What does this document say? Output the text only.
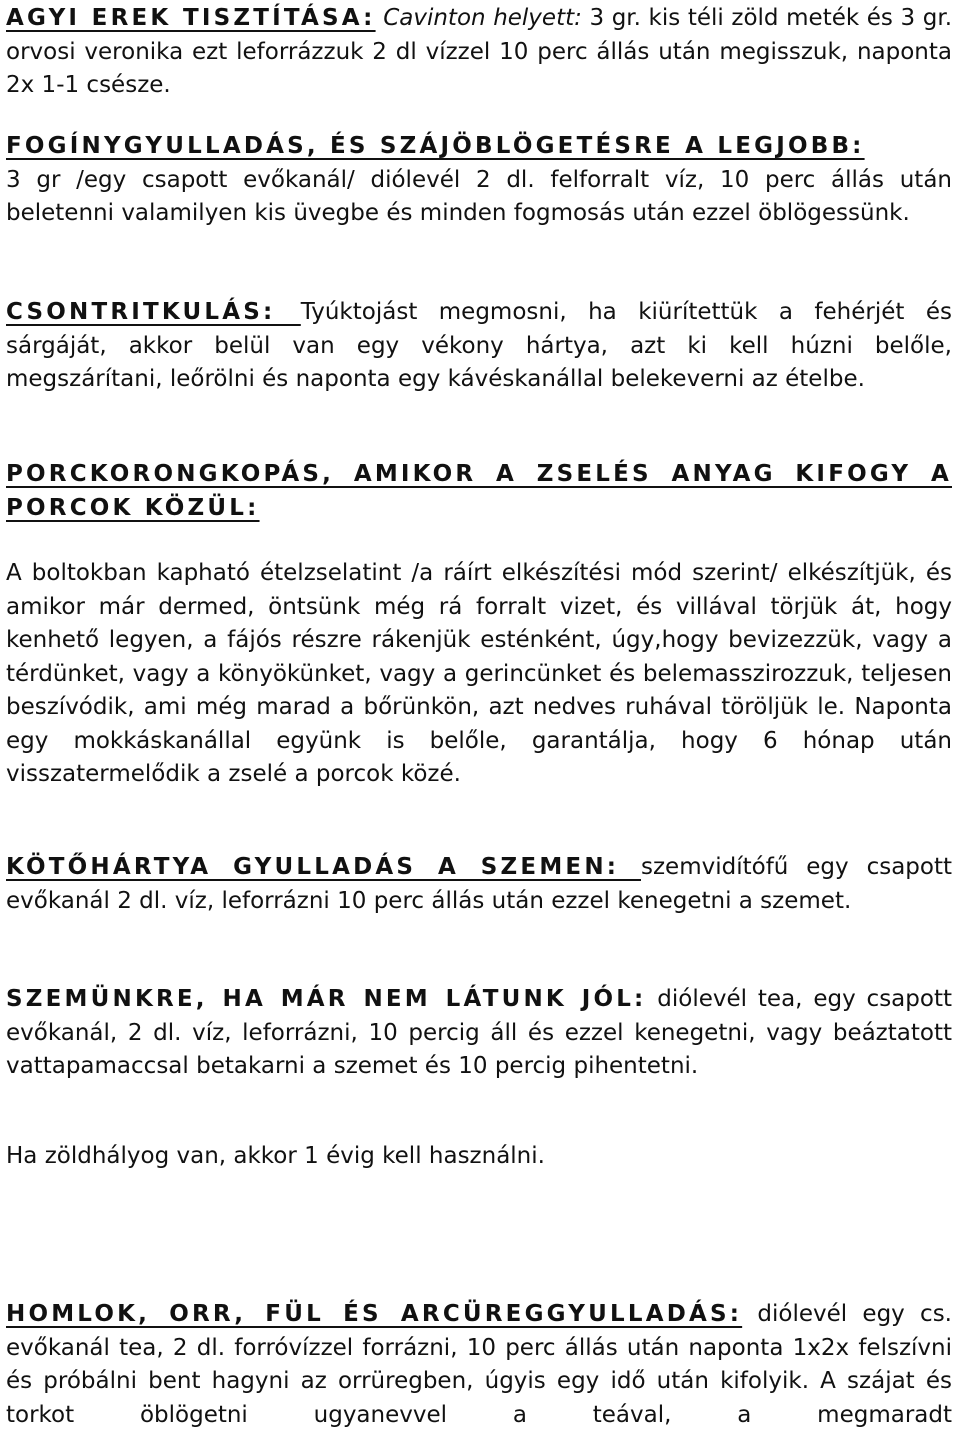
AGYI EREK TISZTÍTÁSA: Cavinton helyett: 3 gr. kis téli zöld meték és 3 gr. orvosi veronika ezt leforrázzuk 2 dl vízzel 10 perc állás után megisszuk, naponta 2x 1-1 csésze.

FOGÍNYGYULLADÁS, ÉS SZÁJÖBLÖGETÉSRE A LEGJOBB:
3 gr /egy csapott evőkanál/ diólevél 2 dl. felforralt víz, 10 perc állás után beletenni valamilyen kis üvegbe és minden fogmosás után ezzel öblögessünk.

CSONTRITKULÁS: Tyúktojást megmosni, ha kiürítettük a fehérjét és sárgáját, akkor belül van egy vékony hártya, azt ki kell húzni belőle, megszárítani, leőrölni és naponta egy kávéskanállal belekeverni az ételbe.

PORCKORONGKOPÁS, AMIKOR A ZSELÉS ANYAG KIFOGY A PORCOK KÖZÜL:

A boltokban kapható ételzselatint /a ráírt elkészítési mód szerint/ elkészítjük, és amikor már dermed, öntsünk még rá forralt vizet, és villával törjük át, hogy kenhető legyen, a fájós részre rákenjük esténként, úgy,hogy bevizezzük, vagy a térdünket, vagy a könyökünket, vagy a gerincünket és belemasszirozzuk, teljesen beszívódik, ami még marad a bőrünkön, azt nedves ruhával töröljük le. Naponta egy mokkáskanállal együnk is belőle, garantálja, hogy 6 hónap után visszatermelődik a zselé a porcok közé.

KÖTŐHÁRTYA GYULLADÁS A SZEMEN: szemvidítófű egy csapott evőkanál 2 dl. víz, leforrázni 10 perc állás után ezzel kenegetni a szemet.

SZEMÜNKRE, HA MÁR NEM LÁTUNK JÓL: diólevél tea, egy csapott evőkanál, 2 dl. víz, leforrázni, 10 percig áll és ezzel kenegetni, vagy beáztatott vattapamaccsal betakarni a szemet és 10 percig pihentetni.

Ha zöldhályog van, akkor 1 évig kell használni.

HOMLOK, ORR, FÜL ÉS ARCÜREGGYULLADÁS: diólevél egy cs. evőkanál tea, 2 dl. forróvízzel forrázni, 10 perc állás után naponta 1x2x felszívni és próbálni bent hagyni az orrüregben, úgyis egy idő után kifolyik. A szájat és torkot öblögetni ugyanevvel a teával, a megmaradt
